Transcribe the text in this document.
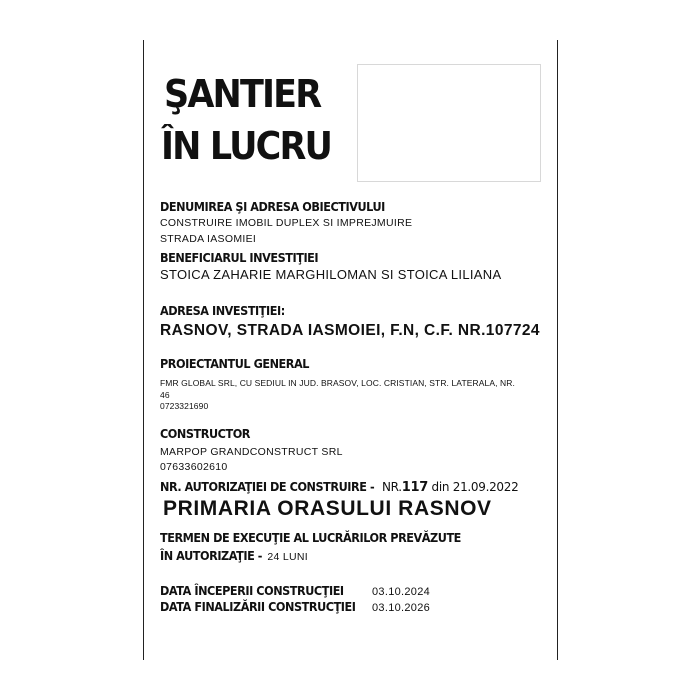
ŞANTIER
ÎN LUCRU
DENUMIREA ŞI ADRESA OBIECTIVULUI
CONSTRUIRE IMOBIL DUPLEX SI IMPREJMUIRE
STRADA IASOMIEI
BENEFICIARUL INVESTIŢIEI
STOICA ZAHARIE MARGHILOMAN SI STOICA LILIANA
ADRESA INVESTIŢIEI:
RASNOV, STRADA IASMOIEI, F.N, C.F. NR.107724
PROIECTANTUL GENERAL
FMR GLOBAL SRL, CU SEDIUL IN JUD. BRASOV, LOC. CRISTIAN, STR. LATERALA, NR.
46
0723321690
CONSTRUCTOR
MARPOP GRANDCONSTRUCT SRL
07633602610
NR. AUTORIZAŢIEI DE CONSTRUIRE - NR.117 din 21.09.2022
PRIMARIA ORASULUI RASNOV
TERMEN DE EXECUŢIE AL LUCRĂRILOR PREVĂZUTE
ÎN AUTORIZAŢIE - 24 LUNI
DATA ÎNCEPERII CONSTRUCŢIEI	03.10.2024
DATA FINALIZĂRII CONSTRUCŢIEI 03.10.2026
